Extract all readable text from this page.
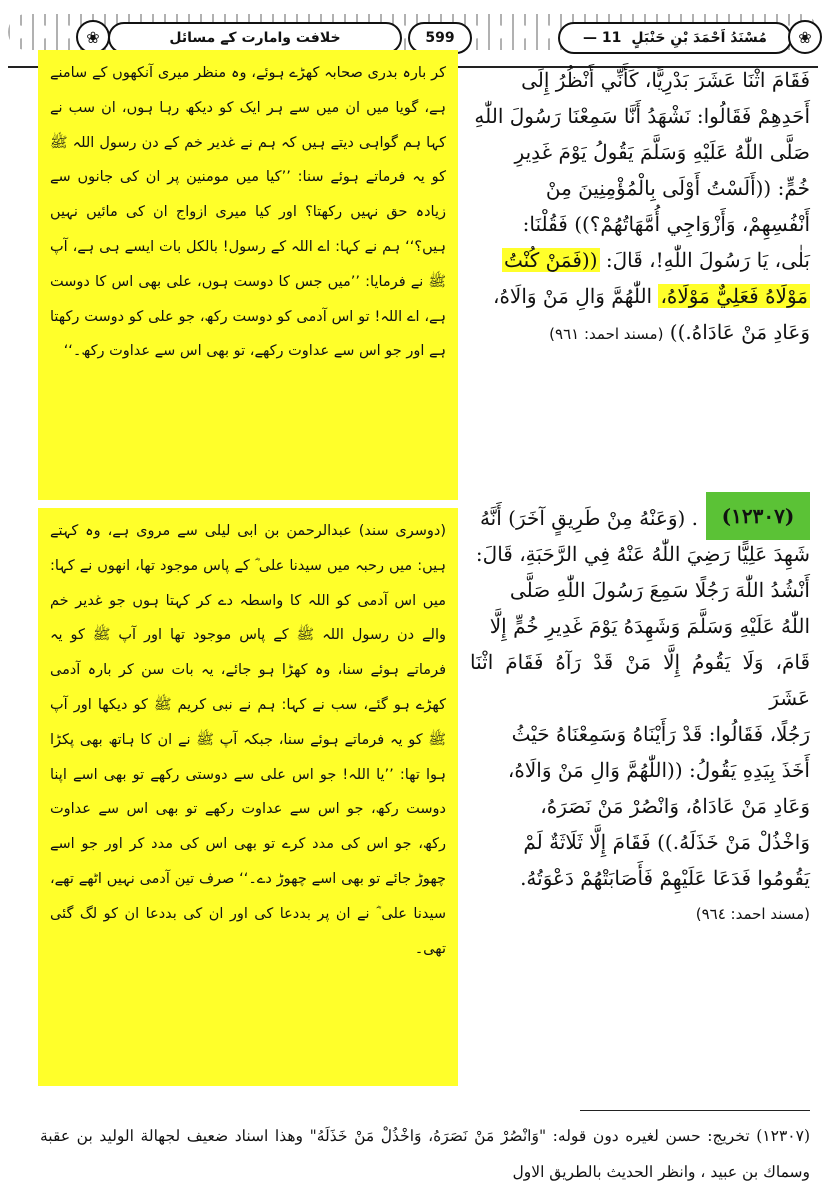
❀	خلافت وامارت کے مسائل	599	مُسْنَدُ اَحْمَدَ بْنِ حَنْبَلٍ
11 —	❀
فَقَامَ اثْنَا عَشَرَ بَدْرِيًّا، كَأَنِّي أَنْظُرُ إِلَى
أَحَدِهِمْ فَقَالُوا: نَشْهَدُ أَنَّا سَمِعْنَا رَسُولَ اللّٰهِ
صَلَّى اللّٰهُ عَلَيْهِ وَسَلَّمَ يَقُولُ يَوْمَ غَدِيرِ
خُمٍّ: ((أَلَسْتُ أَوْلَى بِالْمُؤْمِنِينَ مِنْ
أَنْفُسِهِمْ، وَأَزْوَاجِي أُمَّهَاتُهُمْ؟)) فَقُلْنَا:
بَلٰى، يَا رَسُولَ اللّٰهِ!، قَالَ: ((فَمَنْ كُنْتُ
مَوْلَاهُ فَعَلِيٌّ مَوْلَاهُ، اللّٰهُمَّ وَالِ مَنْ وَالَاهُ،
وَعَادِ مَنْ عَادَاهُ.)) (مسند احمد: ٩٦١)
کر بارہ بدری صحابہ کھڑے ہوئے، وہ منظر میری آنکھوں کے سامنے ہے، گویا میں ان میں سے ہر ایک کو دیکھ رہا ہوں، ان سب نے کہا ہم گواہی دیتے ہیں کہ ہم نے غدیر خم کے دن رسول اللہ ﷺ کو یہ فرماتے ہوئے سنا: ’’کیا میں مومنین پر ان کی جانوں سے زیادہ حق نہیں رکھتا؟ اور کیا میری ازواج ان کی مائیں نہیں ہیں؟‘‘ ہم نے کہا: اے اللہ کے رسول! بالکل بات ایسے ہی ہے، آپ ﷺ نے فرمایا: ’’میں جس کا دوست ہوں، علی بھی اس کا دوست ہے، اے اللہ! تو اس آدمی کو دوست رکھ، جو علی کو دوست رکھتا ہے اور جو اس سے عداوت رکھے، تو بھی اس سے عداوت رکھ۔‘‘
(١٢٣٠٧)
. (وَعَنْهُ مِنْ طَرِيقٍ آخَرَ) أَنَّهُ
شَهِدَ عَلِيًّا رَضِيَ اللّٰهُ عَنْهُ فِي الرَّحَبَةِ، قَالَ:
أَنْشُدُ اللّٰهَ رَجُلًا سَمِعَ رَسُولَ اللّٰهِ صَلَّى
اللّٰهُ عَلَيْهِ وَسَلَّمَ وَشَهِدَهُ يَوْمَ غَدِيرِ خُمٍّ إِلَّا
قَامَ، وَلَا يَقُومُ إِلَّا مَنْ قَدْ رَآهُ فَقَامَ اثْنَا عَشَرَ
رَجُلًا، فَقَالُوا: قَدْ رَأَيْنَاهُ وَسَمِعْنَاهُ حَيْثُ
أَخَذَ بِيَدِهِ يَقُولُ: ((اللّٰهُمَّ وَالِ مَنْ وَالَاهُ،
وَعَادِ مَنْ عَادَاهُ، وَانْصُرْ مَنْ نَصَرَهُ،
وَاخْذُلْ مَنْ خَذَلَهُ.)) فَقَامَ إِلَّا ثَلَاثَةٌ لَمْ
يَقُومُوا فَدَعَا عَلَيْهِمْ فَأَصَابَتْهُمْ دَعْوَتُهُ.
(مسند احمد: ٩٦٤)
(دوسری سند) عبدالرحمن بن ابی لیلی سے مروی ہے، وہ کہتے ہیں: میں رحبہ میں سیدنا علی ؓ کے پاس موجود تھا، انھوں نے کہا: میں اس آدمی کو اللہ کا واسطہ دے کر کہتا ہوں جو غدیر خم والے دن رسول اللہ ﷺ کے پاس موجود تھا اور آپ ﷺ کو یہ فرماتے ہوئے سنا، وہ کھڑا ہو جائے، یہ بات سن کر بارہ آدمی کھڑے ہو گئے، سب نے کہا: ہم نے نبی کریم ﷺ کو دیکھا اور آپ ﷺ کو یہ فرماتے ہوئے سنا، جبکہ آپ ﷺ نے ان کا ہاتھ بھی پکڑا ہوا تھا: ’’یا اللہ! جو اس علی سے دوستی رکھے تو بھی اسے اپنا دوست رکھ، جو اس سے عداوت رکھے تو بھی اس سے عداوت رکھ، جو اس کی مدد کرے تو بھی اس کی مدد کر اور جو اسے چھوڑ جائے تو بھی اسے چھوڑ دے۔‘‘ صرف تین آدمی نہیں اٹھے تھے، سیدنا علی ؓ نے ان پر بددعا کی اور ان کی بددعا ان کو لگ گئی تھی۔
(١٢٣٠٧) تخريج: حسن لغيره دون قوله: "وَانْصُرْ مَنْ نَصَرَهُ، وَاخْذُلْ مَنْ خَذَلَهُ" وهذا اسناد ضعيف لجهالة الوليد بن عقبة وسماك بن عبيد ، وانظر الحديث بالطريق الاول
